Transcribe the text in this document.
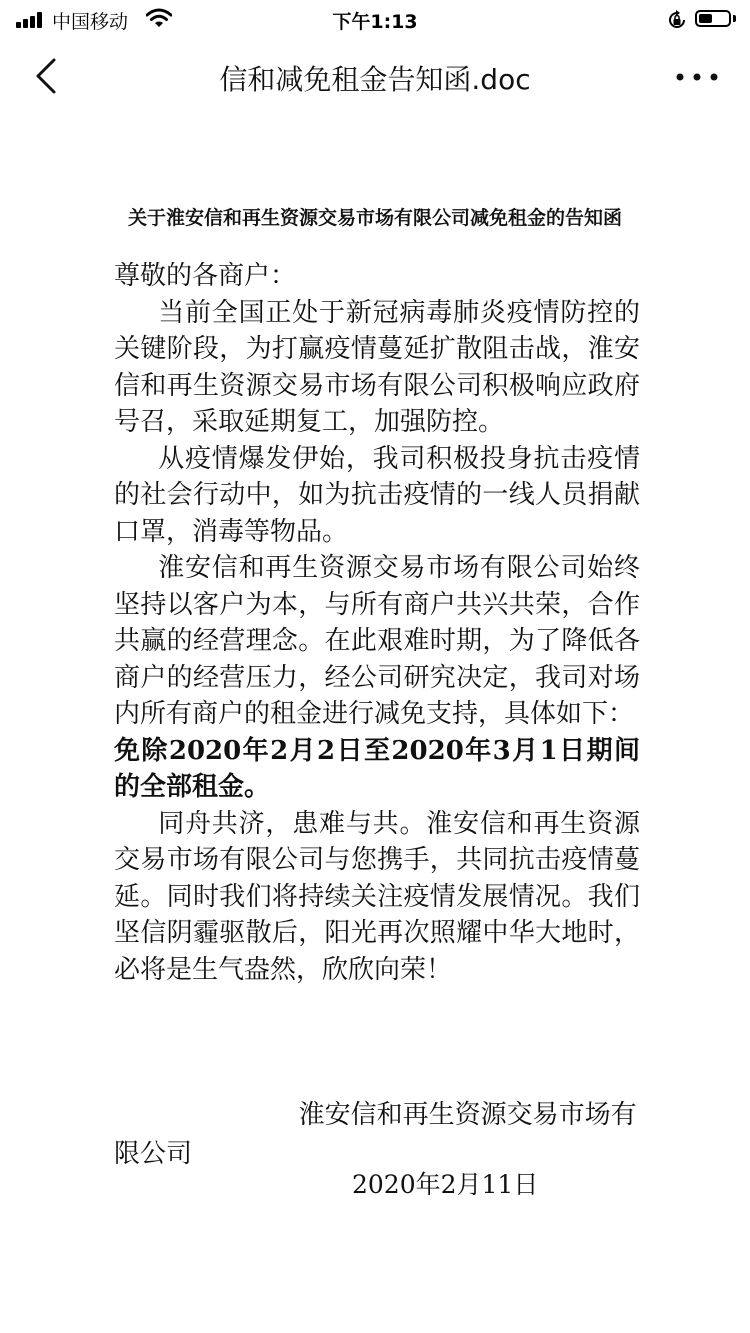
中国移动	下午1:13
信和减免租金告知函.doc
关于淮安信和再生资源交易市场有限公司减免租金的告知函

尊敬的各商户：

当前全国正处于新冠病毒肺炎疫情防控的关键阶段，为打赢疫情蔓延扩散阻击战，淮安信和再生资源交易市场有限公司积极响应政府号召，采取延期复工，加强防控。

从疫情爆发伊始，我司积极投身抗击疫情的社会行动中，如为抗击疫情的一线人员捐献口罩，消毒等物品。

淮安信和再生资源交易市场有限公司始终坚持以客户为本，与所有商户共兴共荣，合作共赢的经营理念。在此艰难时期，为了降低各商户的经营压力，经公司研究决定，我司对场内所有商户的租金进行减免支持，具体如下：

免除2020年2月2日至2020年3月1日期间的全部租金。

同舟共济，患难与共。淮安信和再生资源交易市场有限公司与您携手，共同抗击疫情蔓延。同时我们将持续关注疫情发展情况。我们坚信阴霾驱散后，阳光再次照耀中华大地时，必将是生气盎然，欣欣向荣！

淮安信和再生资源交易市场有限公司
2020年2月11日
